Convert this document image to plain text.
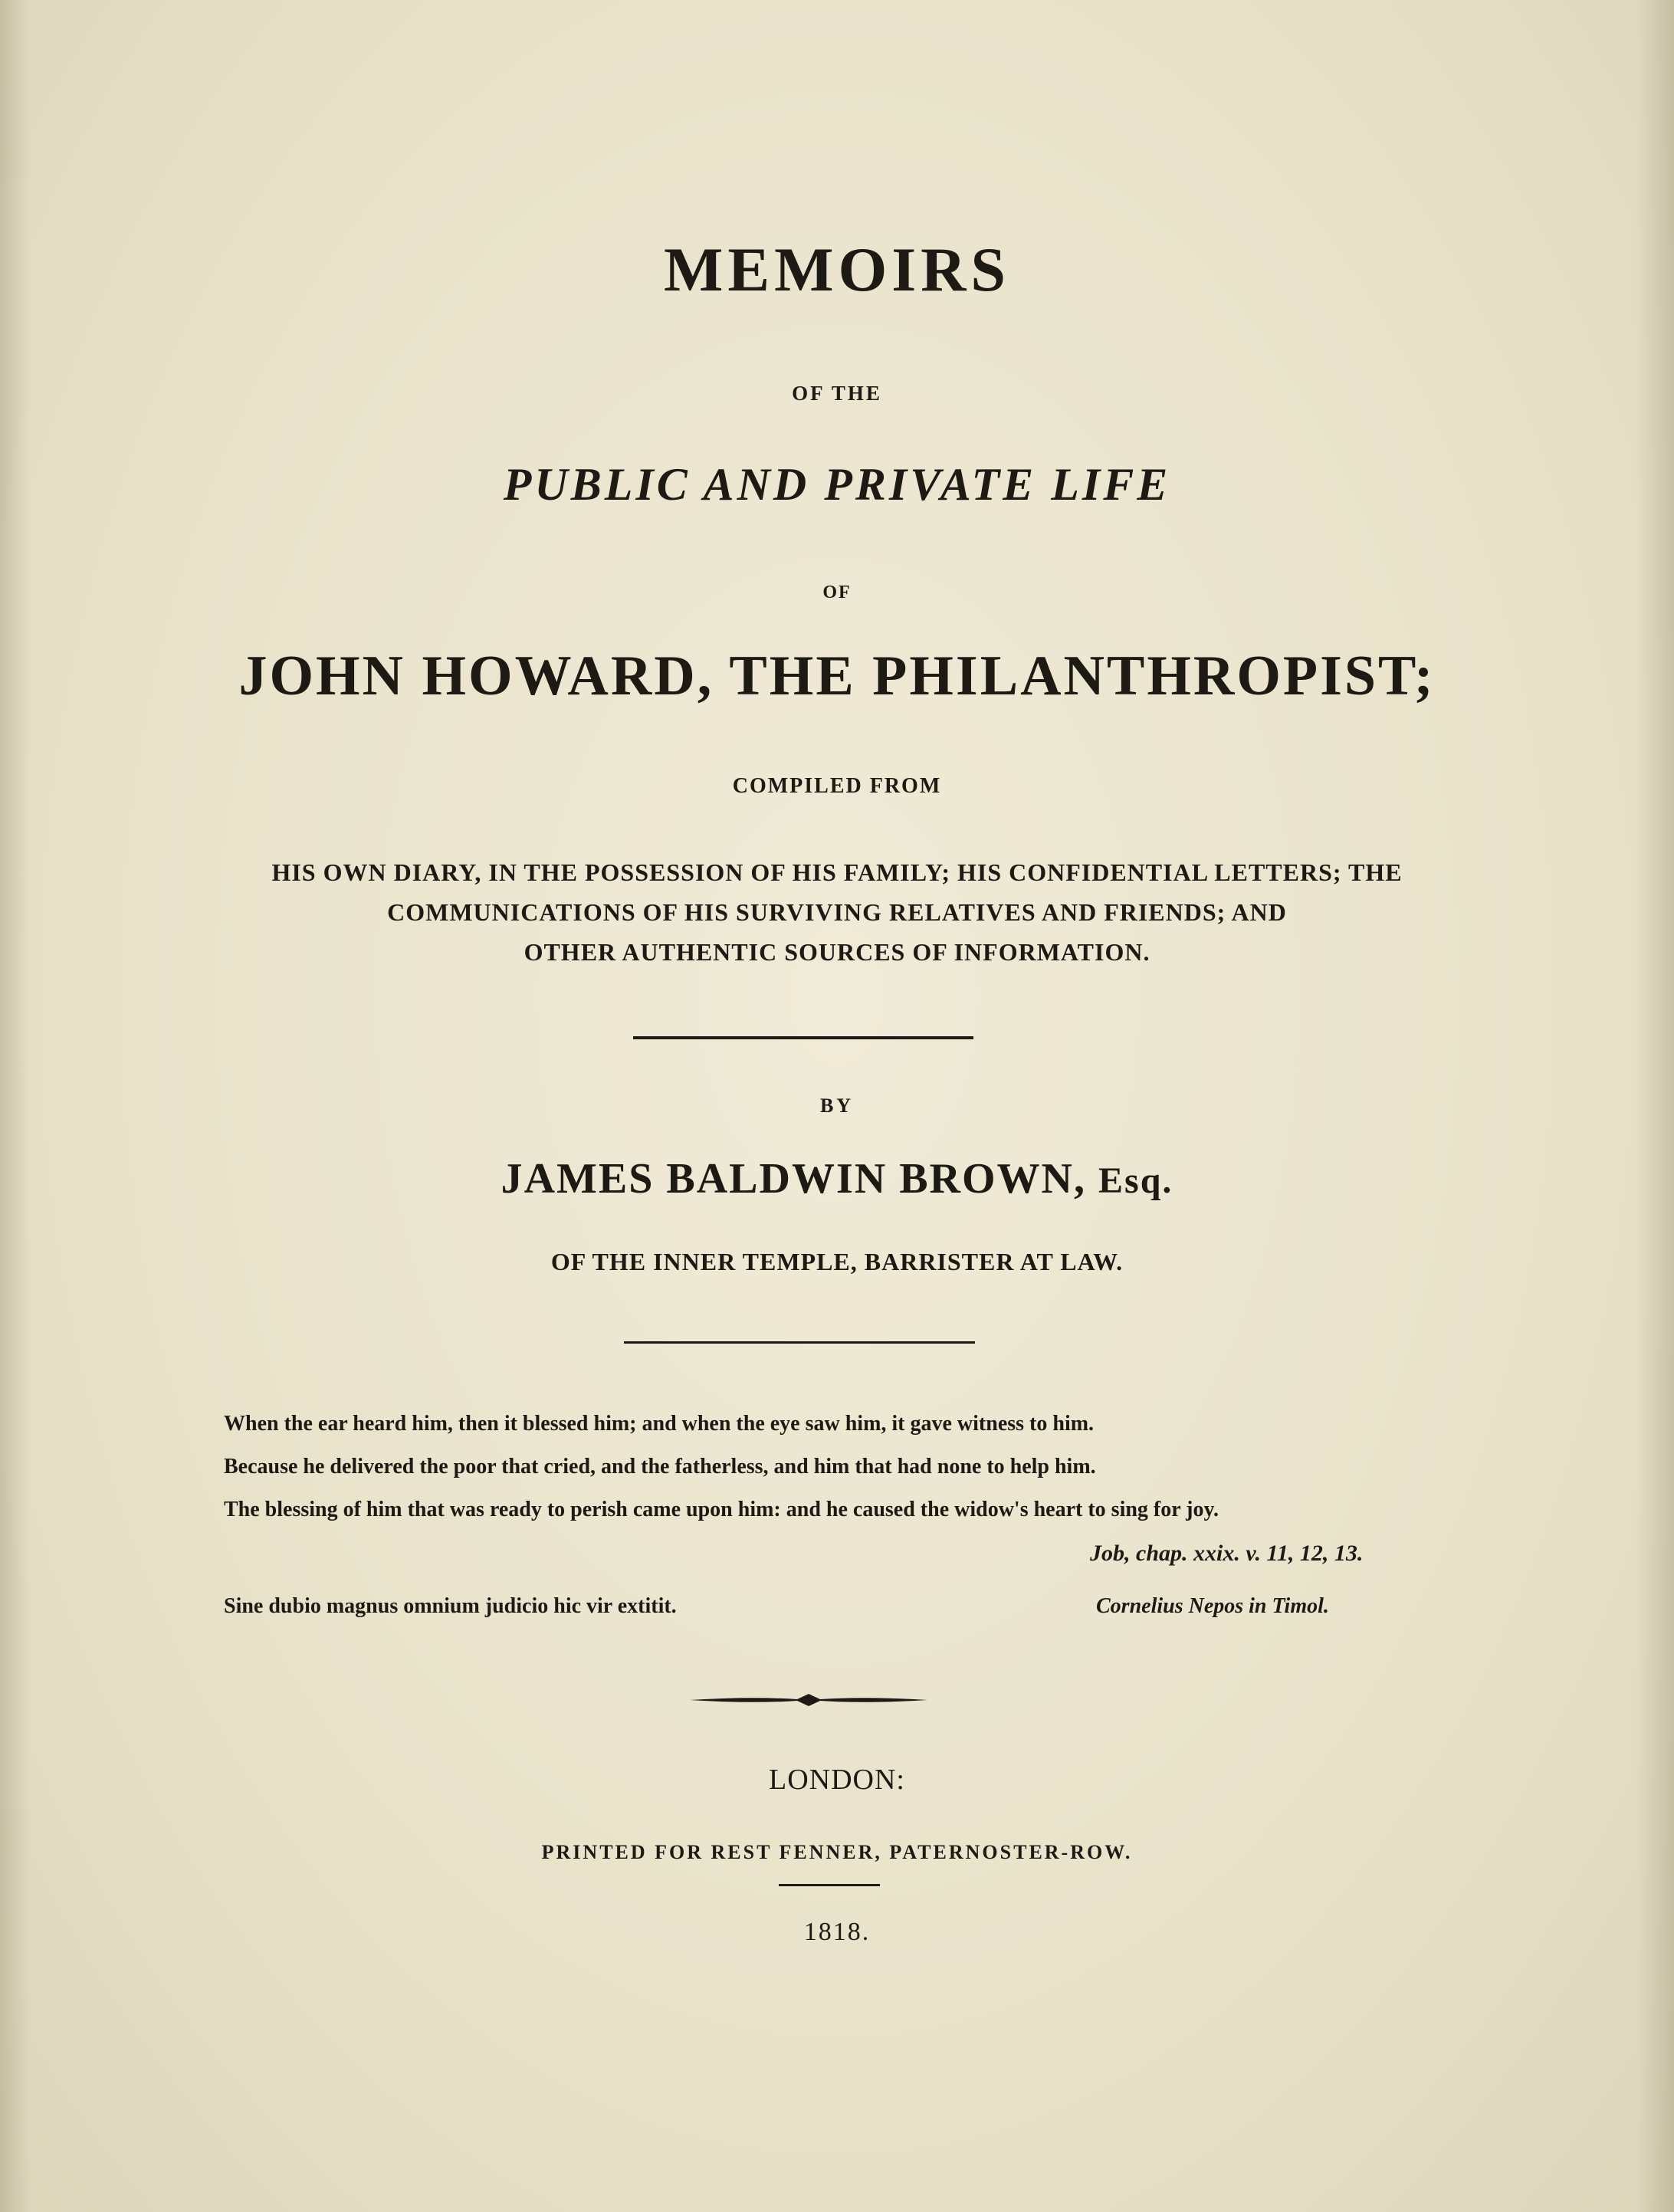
MEMOIRS
OF THE
PUBLIC AND PRIVATE LIFE
OF
JOHN HOWARD, THE PHILANTHROPIST;
COMPILED FROM
HIS OWN DIARY, IN THE POSSESSION OF HIS FAMILY; HIS CONFIDENTIAL LETTERS; THE
COMMUNICATIONS OF HIS SURVIVING RELATIVES AND FRIENDS; AND
OTHER AUTHENTIC SOURCES OF INFORMATION.
BY
JAMES BALDWIN BROWN, Esq.
OF THE INNER TEMPLE, BARRISTER AT LAW.
When the ear heard him, then it blessed him; and when the eye saw him, it gave witness to him.
Because he delivered the poor that cried, and the fatherless, and him that had none to help him.
The blessing of him that was ready to perish came upon him: and he caused the widow's heart to sing for joy.
Job, chap. xxix. v. 11, 12, 13.
Sine dubio magnus omnium judicio hic vir extitit.	Cornelius Nepos in Timol.
LONDON:
PRINTED FOR REST FENNER, PATERNOSTER-ROW.
1818.
